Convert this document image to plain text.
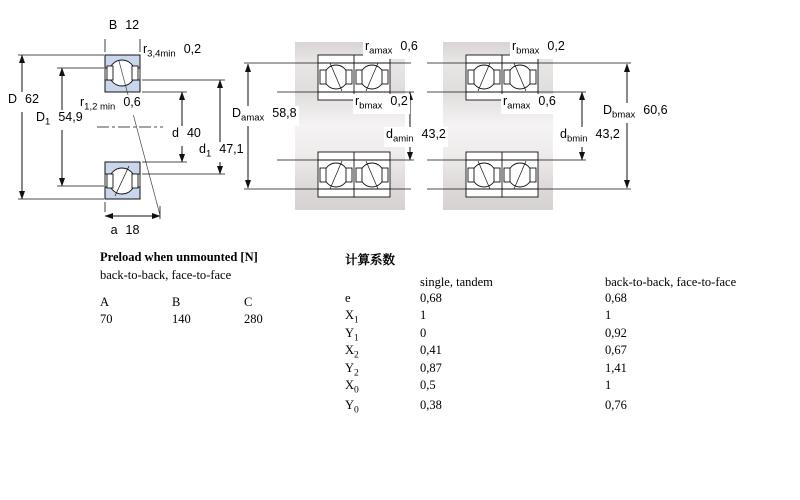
B 12
$r_{3,4min}$ 0,2
D 62	$r_{1,2 min}$ 0,6
$D_1$ 54,9
d 40
$d_1$ 47,1
a 18
$r_{amax}$ 0,6
$r_{bmax}$ 0,2
$D_{amax}$ 58,8
$d_{amin}$ 43,2
$r_{bmax}$ 0,2
$r_{amax}$ 0,6
$D_{bmax}$ 60,6
$d_{bmin}$ 43,2
Preload when unmounted [N]
back-to-back, face-to-face
A	B	C
70	140	280
计算系数
	single, tandem	back-to-back, face-to-face
e	0,68	0,68
$X_1$	1	1
$Y_1$	0	0,92
$X_2$	0,41	0,67
$Y_2$	0,87	1,41
$X_0$	0,5	1
$Y_0$	0,38	0,76
